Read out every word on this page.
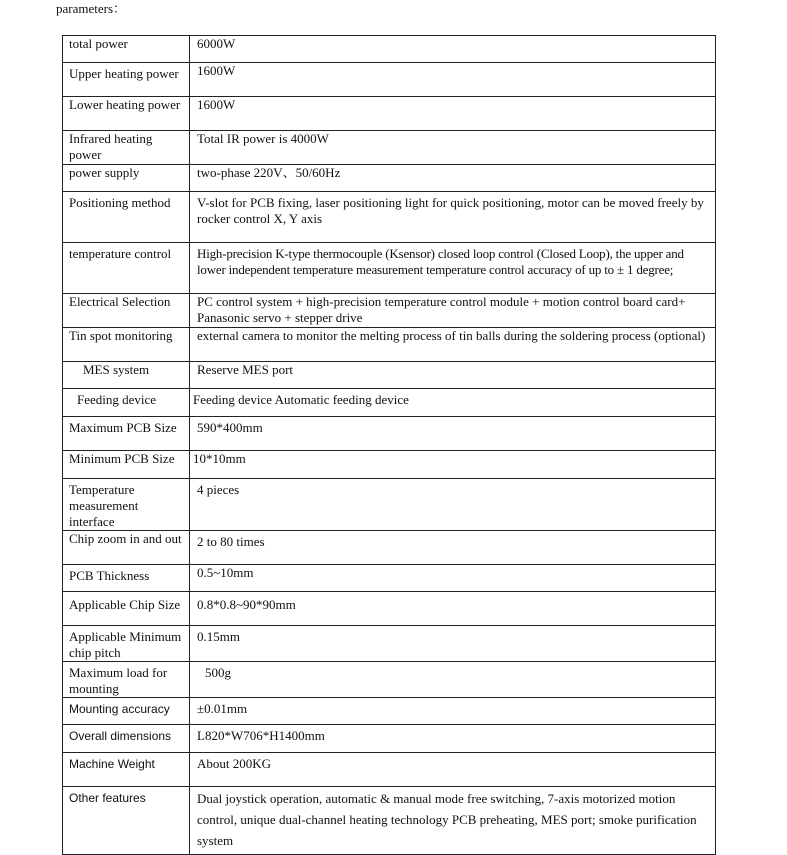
parameters：

total power	6000W
Upper heating power	1600W
Lower heating power	1600W
Infrared heating power	Total IR power is 4000W
power supply	two-phase 220V、50/60Hz
Positioning method	V-slot for PCB fixing, laser positioning light for quick positioning, motor can be moved freely by rocker control X, Y axis
temperature control	High-precision K-type thermocouple (Ksensor) closed loop control (Closed Loop), the upper and lower independent temperature measurement temperature control accuracy of up to ± 1 degree;
Electrical Selection	PC control system + high-precision temperature control module + motion control board card+ Panasonic servo + stepper drive
Tin spot monitoring	external camera to monitor the melting process of tin balls during the soldering process (optional)
MES system	Reserve MES port
Feeding device	Feeding device Automatic feeding device
Maximum PCB Size	590*400mm
Minimum PCB Size	10*10mm
Temperature measurement interface	4 pieces
Chip zoom in and out	2 to 80 times
PCB Thickness	0.5~10mm
Applicable Chip Size	0.8*0.8~90*90mm
Applicable Minimum chip pitch	0.15mm
Maximum load for mounting	500g
Mounting accuracy	±0.01mm
Overall dimensions	L820*W706*H1400mm
Machine Weight	About 200KG
Other features	Dual joystick operation, automatic & manual mode free switching, 7-axis motorized motion control, unique dual-channel heating technology PCB preheating, MES port; smoke purification system
